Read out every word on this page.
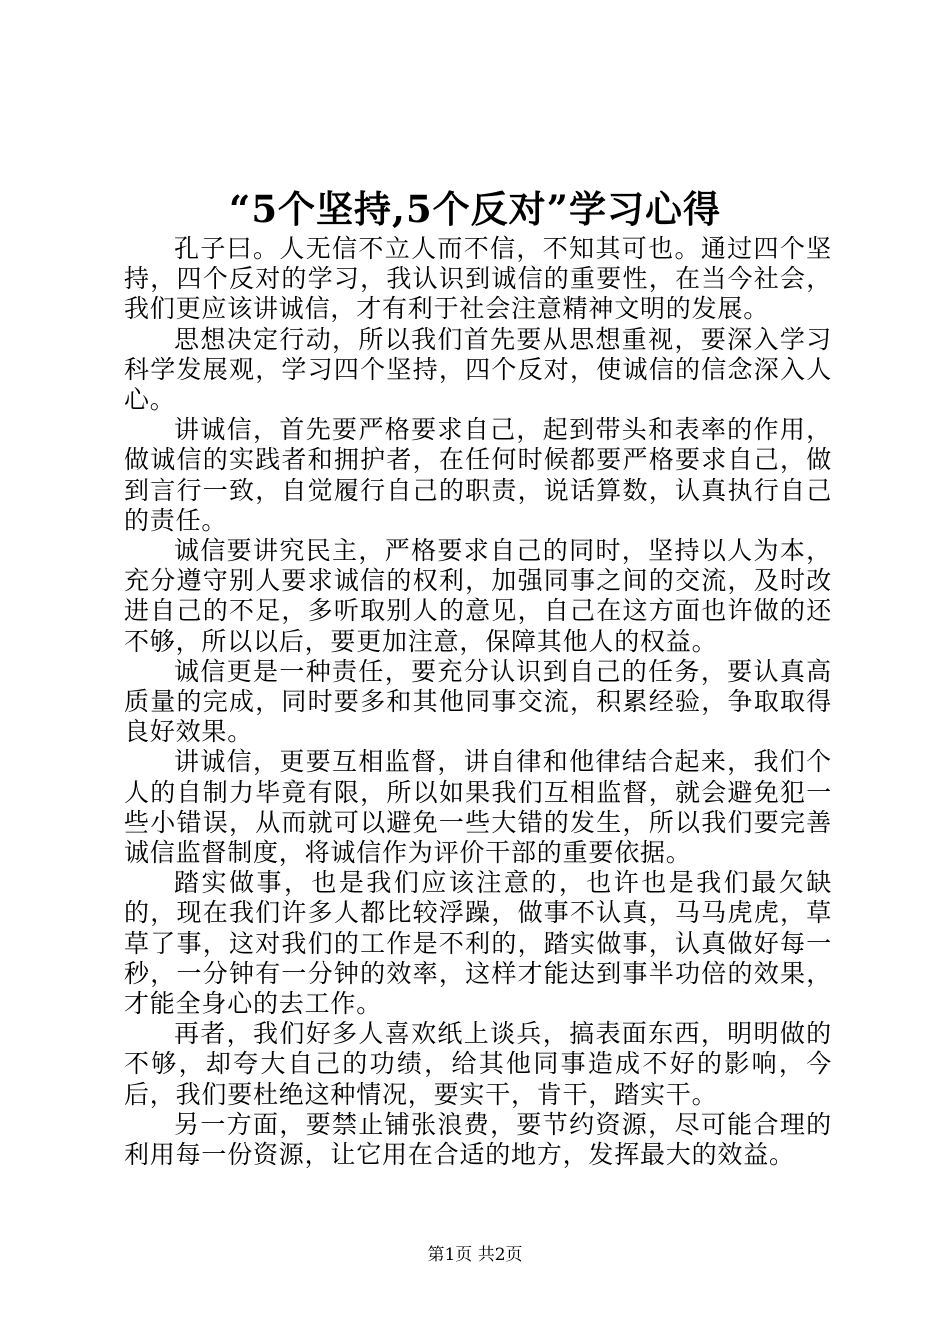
“5个坚持,5个反对”学习心得

孔子曰。人无信不立人而不信，不知其可也。通过四个坚持，四个反对的学习，我认识到诚信的重要性，在当今社会，我们更应该讲诚信，才有利于社会注意精神文明的发展。

思想决定行动，所以我们首先要从思想重视，要深入学习科学发展观，学习四个坚持，四个反对，使诚信的信念深入人心。

讲诚信，首先要严格要求自己，起到带头和表率的作用，做诚信的实践者和拥护者，在任何时候都要严格要求自己，做到言行一致，自觉履行自己的职责，说话算数，认真执行自己的责任。

诚信要讲究民主，严格要求自己的同时，坚持以人为本，充分遵守别人要求诚信的权利，加强同事之间的交流，及时改进自己的不足，多听取别人的意见，自己在这方面也许做的还不够，所以以后，要更加注意，保障其他人的权益。

诚信更是一种责任，要充分认识到自己的任务，要认真高质量的完成，同时要多和其他同事交流，积累经验，争取取得良好效果。

讲诚信，更要互相监督，讲自律和他律结合起来，我们个人的自制力毕竟有限，所以如果我们互相监督，就会避免犯一些小错误，从而就可以避免一些大错的发生，所以我们要完善诚信监督制度，将诚信作为评价干部的重要依据。

踏实做事，也是我们应该注意的，也许也是我们最欠缺的，现在我们许多人都比较浮躁，做事不认真，马马虎虎，草草了事，这对我们的工作是不利的，踏实做事，认真做好每一秒，一分钟有一分钟的效率，这样才能达到事半功倍的效果，才能全身心的去工作。

再者，我们好多人喜欢纸上谈兵，搞表面东西，明明做的不够，却夸大自己的功绩，给其他同事造成不好的影响，今后，我们要杜绝这种情况，要实干，肯干，踏实干。

另一方面，要禁止铺张浪费，要节约资源，尽可能合理的利用每一份资源，让它用在合适的地方，发挥最大的效益。

第1页 共2页
